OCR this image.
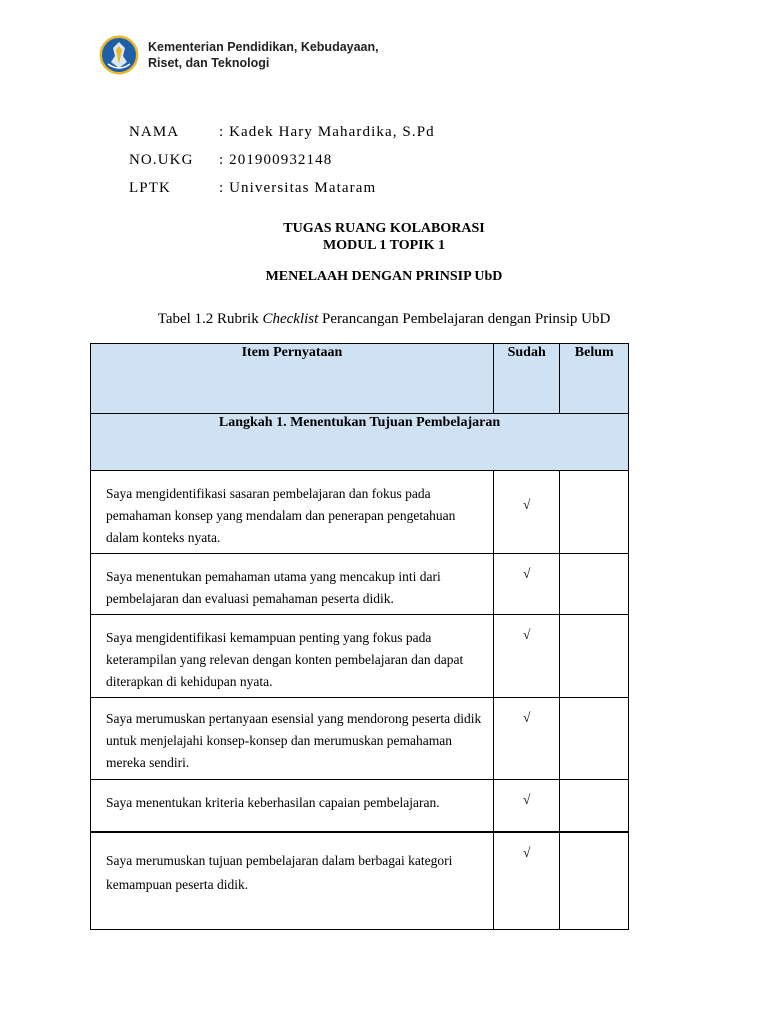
Kementerian Pendidikan, Kebudayaan,
Riset, dan Teknologi
NAMA	: Kadek Hary Mahardika, S.Pd
NO.UKG	: 201900932148
LPTK	: Universitas Mataram
TUGAS RUANG KOLABORASI
MODUL 1 TOPIK 1
MENELAAH DENGAN PRINSIP UbD
Tabel 1.2 Rubrik Checklist Perancangan Pembelajaran dengan Prinsip UbD
Item Pernyataan	Sudah	Belum
Langkah 1. Menentukan Tujuan Pembelajaran		
Saya mengidentifikasi sasaran pembelajaran dan fokus pada pemahaman konsep yang mendalam dan penerapan pengetahuan dalam konteks nyata.	√	
Saya menentukan pemahaman utama yang mencakup inti dari pembelajaran dan evaluasi pemahaman peserta didik.	√	
Saya mengidentifikasi kemampuan penting yang fokus pada keterampilan yang relevan dengan konten pembelajaran dan dapat diterapkan di kehidupan nyata.	√	
Saya merumuskan pertanyaan esensial yang mendorong peserta didik untuk menjelajahi konsep-konsep dan merumuskan pemahaman mereka sendiri.	√	
Saya menentukan kriteria keberhasilan capaian pembelajaran.	√	
Saya merumuskan tujuan pembelajaran dalam berbagai kategori kemampuan peserta didik.	√	
